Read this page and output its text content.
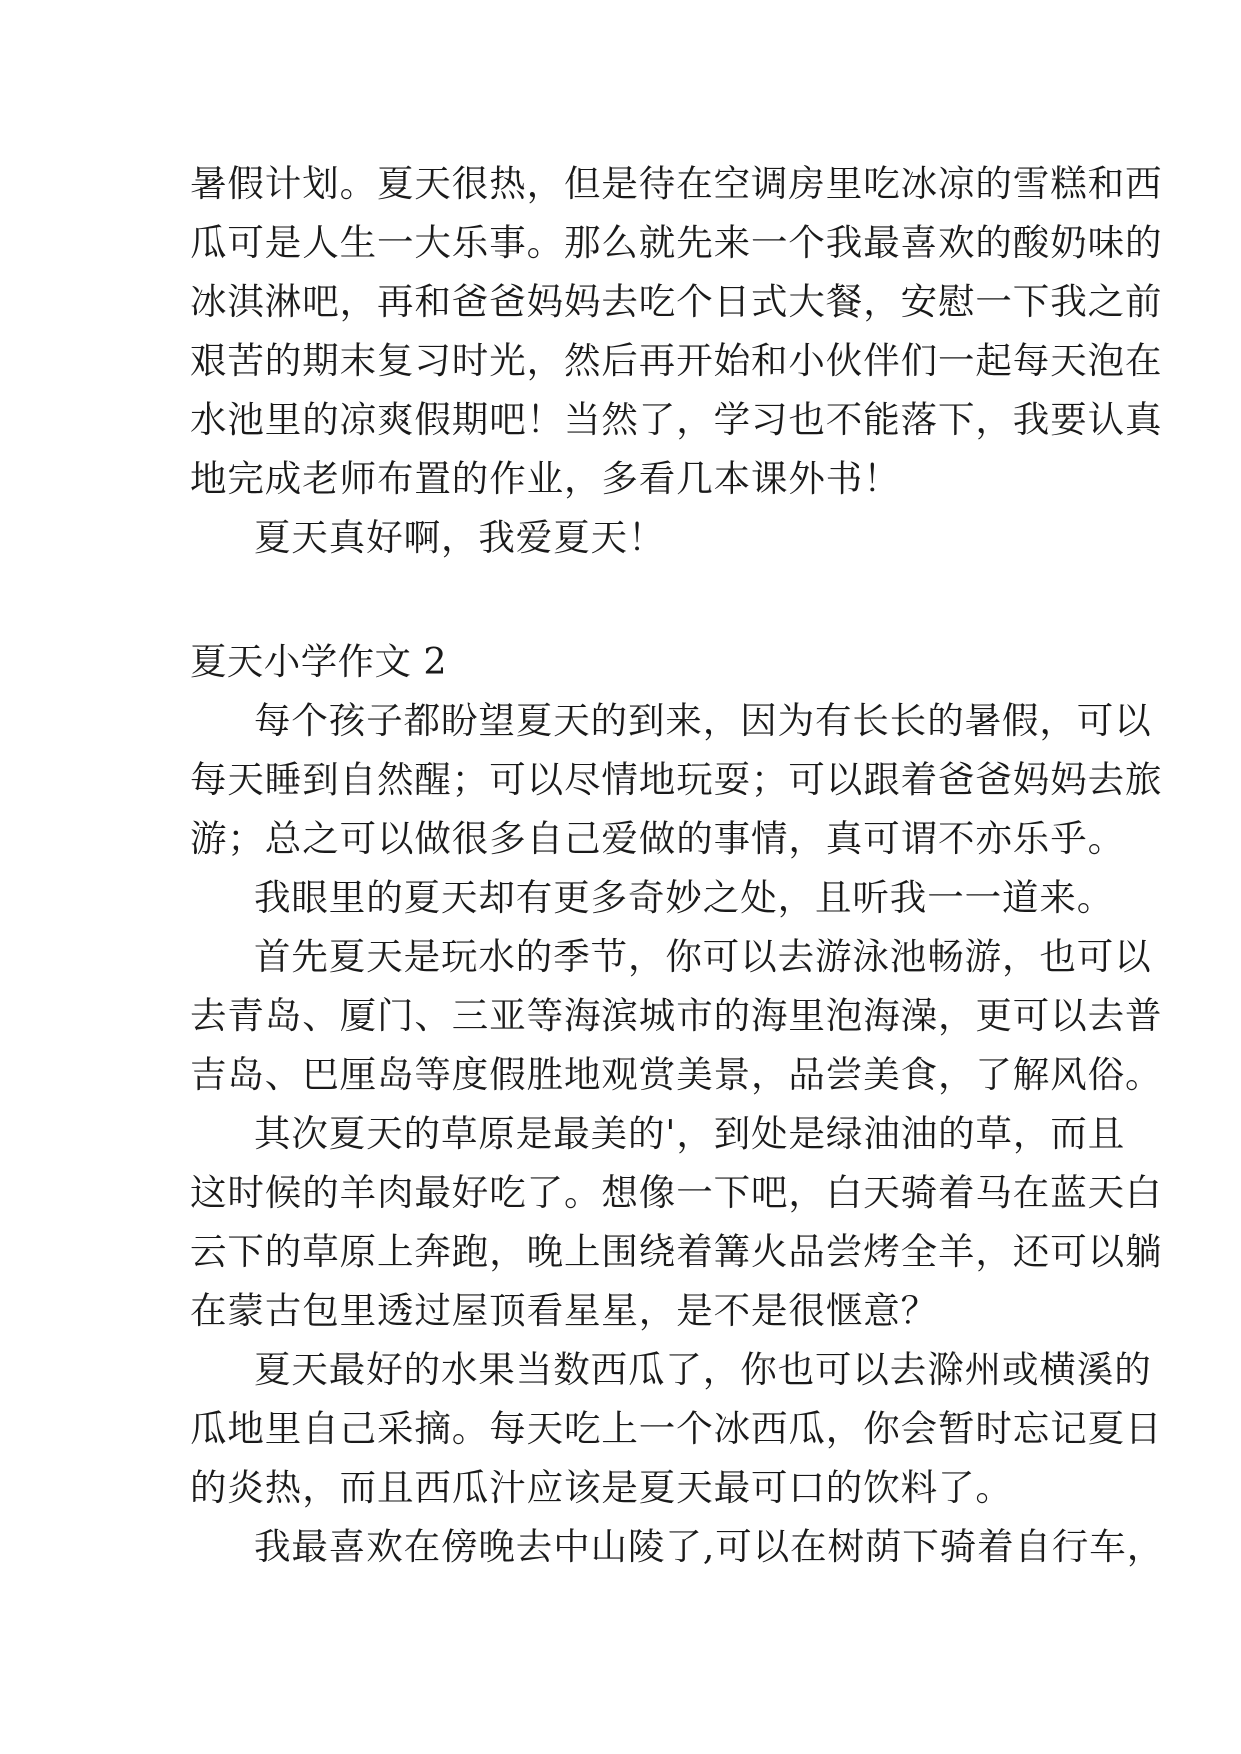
暑假计划。夏天很热，但是待在空调房里吃冰凉的雪糕和西
瓜可是人生一大乐事。那么就先来一个我最喜欢的酸奶味的
冰淇淋吧，再和爸爸妈妈去吃个日式大餐，安慰一下我之前
艰苦的期末复习时光，然后再开始和小伙伴们一起每天泡在
水池里的凉爽假期吧！当然了，学习也不能落下，我要认真
地完成老师布置的作业，多看几本课外书！
夏天真好啊，我爱夏天！
夏天小学作文 2
每个孩子都盼望夏天的到来，因为有长长的暑假，可以
每天睡到自然醒；可以尽情地玩耍；可以跟着爸爸妈妈去旅
游；总之可以做很多自己爱做的事情，真可谓不亦乐乎。
我眼里的夏天却有更多奇妙之处，且听我一一道来。
首先夏天是玩水的季节，你可以去游泳池畅游，也可以
去青岛、厦门、三亚等海滨城市的海里泡海澡，更可以去普
吉岛、巴厘岛等度假胜地观赏美景，品尝美食，了解风俗。
其次夏天的草原是最美的'，到处是绿油油的草，而且
这时候的羊肉最好吃了。想像一下吧，白天骑着马在蓝天白
云下的草原上奔跑，晚上围绕着篝火品尝烤全羊，还可以躺
在蒙古包里透过屋顶看星星，是不是很惬意？
夏天最好的水果当数西瓜了，你也可以去滁州或横溪的
瓜地里自己采摘。每天吃上一个冰西瓜，你会暂时忘记夏日
的炎热，而且西瓜汁应该是夏天最可口的饮料了。
我最喜欢在傍晚去中山陵了,可以在树荫下骑着自行车，
